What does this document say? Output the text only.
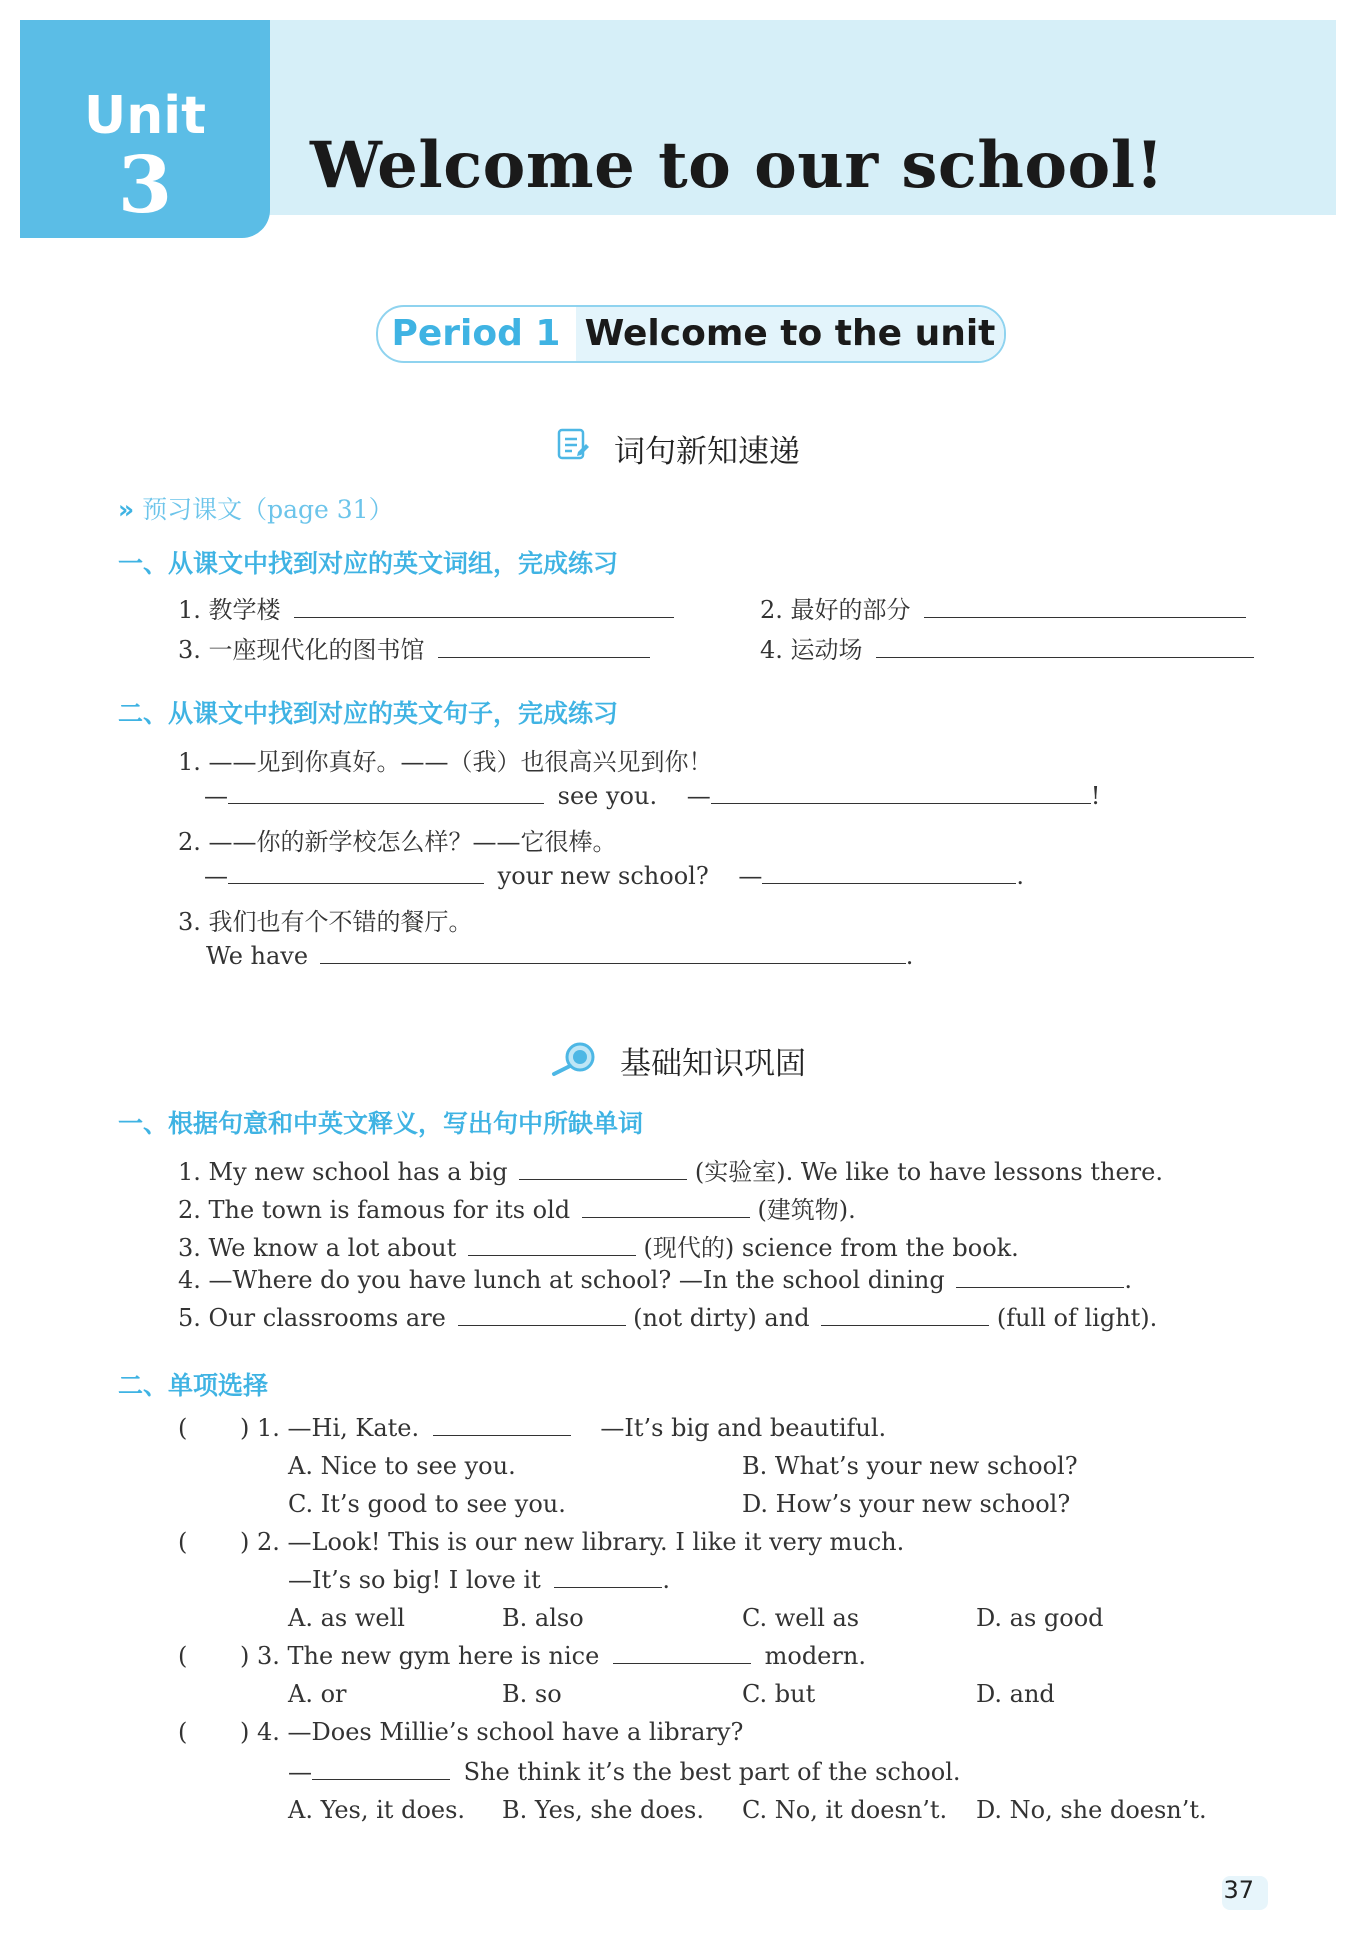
Unit
3	Welcome to our school!
Period 1 Welcome to the unit
词句新知速递
» 预习课文（page 31）
一、从课文中找到对应的英文词组，完成练习
1. 教学楼	2. 最好的部分
3. 一座现代化的图书馆	4. 运动场
二、从课文中找到对应的英文句子，完成练习
1. ——见到你真好。——（我）也很高兴见到你！
—	see you. —	!
2. ——你的新学校怎么样？——它很棒。
—	your new school? —	.
3. 我们也有个不错的餐厅。
We have	.
基础知识巩固
一、根据句意和中英文释义，写出句中所缺单词
1. My new school has a big	(实验室). We like to have lessons there.
2. The town is famous for its old	(建筑物).
3. We know a lot about	(现代的) science from the book.
4. —Where do you have lunch at school? —In the school dining	.
5. Our classrooms are	(not dirty) and	(full of light).
二、单项选择
( ) 1. —Hi, Kate.	—It’s big and beautiful.
A. Nice to see you.	B. What’s your new school?
C. It’s good to see you.	D. How’s your new school?
( ) 2. —Look! This is our new library. I like it very much.
—It’s so big! I love it	.
A. as well	B. also	C. well as	D. as good
( ) 3. The new gym here is nice	modern.
A. or	B. so	C. but	D. and
( ) 4. —Does Millie’s school have a library?
—	She think it’s the best part of the school.
A. Yes, it does. B. Yes, she does. C. No, it doesn’t. D. No, she doesn’t.
37
